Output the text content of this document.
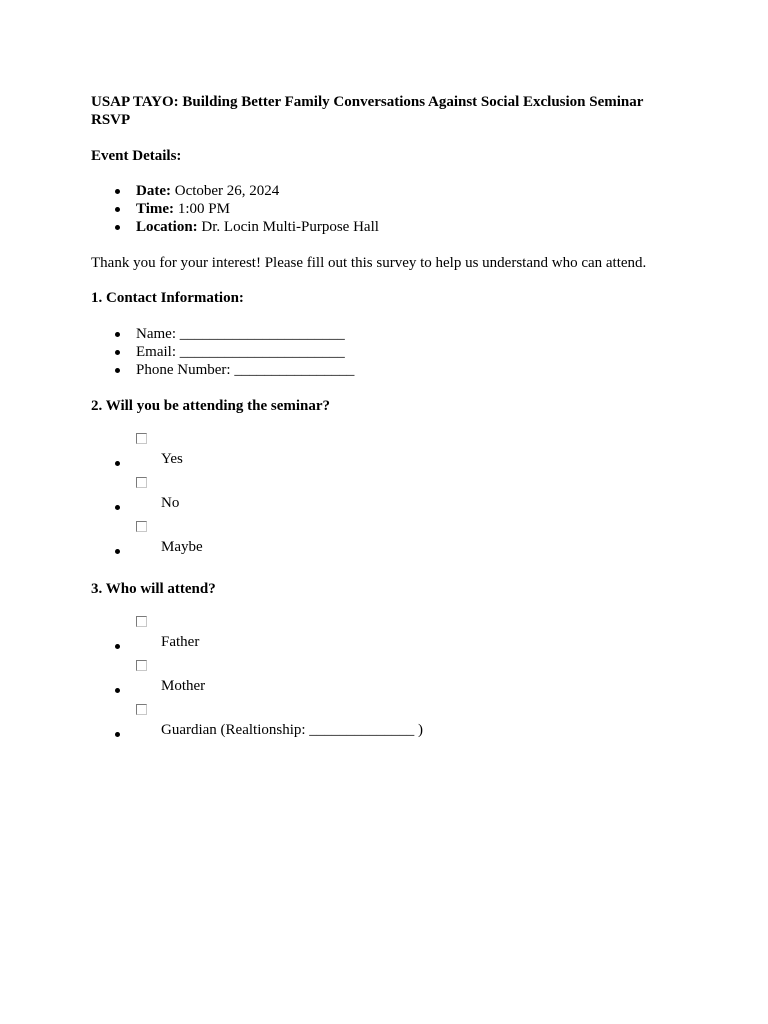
USAP TAYO: Building Better Family Conversations Against Social Exclusion Seminar RSVP
Event Details:
Date: October 26, 2024
Time: 1:00 PM
Location: Dr. Locin Multi-Purpose Hall

Thank you for your interest! Please fill out this survey to help us understand who can attend.

1. Contact Information:
Name: ______________________
Email: ______________________
Phone Number: ________________
2. Will you be attending the seminar?
Yes
No
Maybe
3. Who will attend?
Father
Mother
Guardian (Realtionship: ______________ )
